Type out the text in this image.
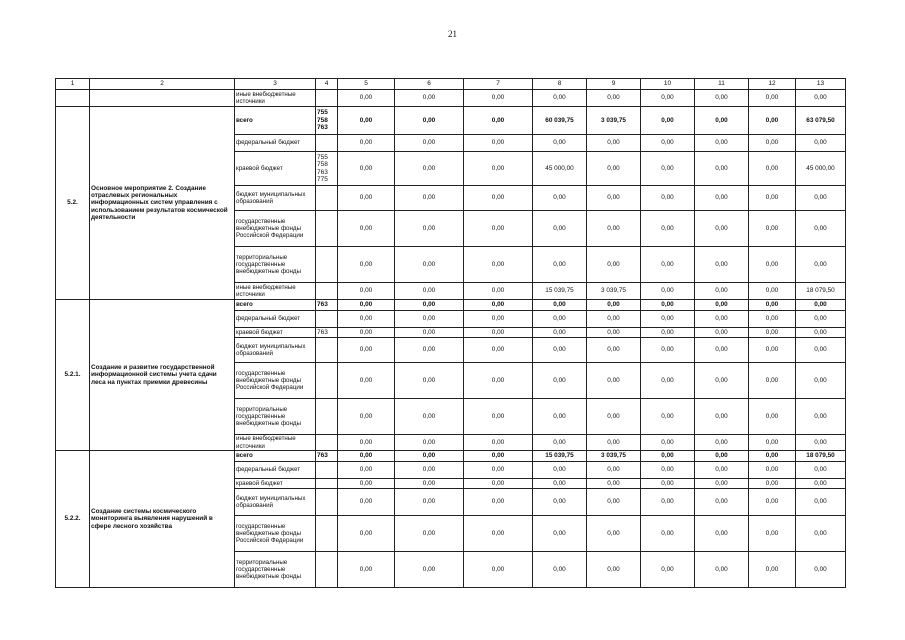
21
1	2	3	4	5	6	7	8	9	10	11	12	13
		иные внебюджетные источники		0,00	0,00	0,00	0,00	0,00	0,00	0,00	0,00	0,00
5.2.	Основное мероприятие 2. Создание отраслевых региональных информационных систем управления с использованием результатов космической деятельности	всего	755
758
763	0,00	0,00	0,00	60 039,75	3 039,75	0,00	0,00	0,00	63 079,50
		федеральный бюджет		0,00	0,00	0,00	0,00	0,00	0,00	0,00	0,00	0,00
		краевой бюджет	755
758
763
775	0,00	0,00	0,00	45 000,00	0,00	0,00	0,00	0,00	45 000,00
		бюджет муниципальных образований		0,00	0,00	0,00	0,00	0,00	0,00	0,00	0,00	0,00
		государственные внебюджетные фонды Российской Федерации		0,00	0,00	0,00	0,00	0,00	0,00	0,00	0,00	0,00
		территориальные государственные внебюджетные фонды		0,00	0,00	0,00	0,00	0,00	0,00	0,00	0,00	0,00
		иные внебюджетные источники		0,00	0,00	0,00	15 039,75	3 039,75	0,00	0,00	0,00	18 079,50
5.2.1.	Создание и развитие государственной информационной системы учета сдачи леса на пунктах приемки древесины	всего	763	0,00	0,00	0,00	0,00	0,00	0,00	0,00	0,00	0,00
		федеральный бюджет		0,00	0,00	0,00	0,00	0,00	0,00	0,00	0,00	0,00
		краевой бюджет	763	0,00	0,00	0,00	0,00	0,00	0,00	0,00	0,00	0,00
		бюджет муниципальных образований		0,00	0,00	0,00	0,00	0,00	0,00	0,00	0,00	0,00
		государственные внебюджетные фонды Российской Федерации		0,00	0,00	0,00	0,00	0,00	0,00	0,00	0,00	0,00
		территориальные государственные внебюджетные фонды		0,00	0,00	0,00	0,00	0,00	0,00	0,00	0,00	0,00
		иные внебюджетные источники		0,00	0,00	0,00	0,00	0,00	0,00	0,00	0,00	0,00
5.2.2.	Создание системы космического мониторинга выявления нарушений в сфере лесного хозяйства	всего	763	0,00	0,00	0,00	15 039,75	3 039,75	0,00	0,00	0,00	18 079,50
		федеральный бюджет		0,00	0,00	0,00	0,00	0,00	0,00	0,00	0,00	0,00
		краевой бюджет		0,00	0,00	0,00	0,00	0,00	0,00	0,00	0,00	0,00
		бюджет муниципальных образований		0,00	0,00	0,00	0,00	0,00	0,00	0,00	0,00	0,00
		государственные внебюджетные фонды Российской Федерации		0,00	0,00	0,00	0,00	0,00	0,00	0,00	0,00	0,00
		территориальные государственные внебюджетные фонды		0,00	0,00	0,00	0,00	0,00	0,00	0,00	0,00	0,00
